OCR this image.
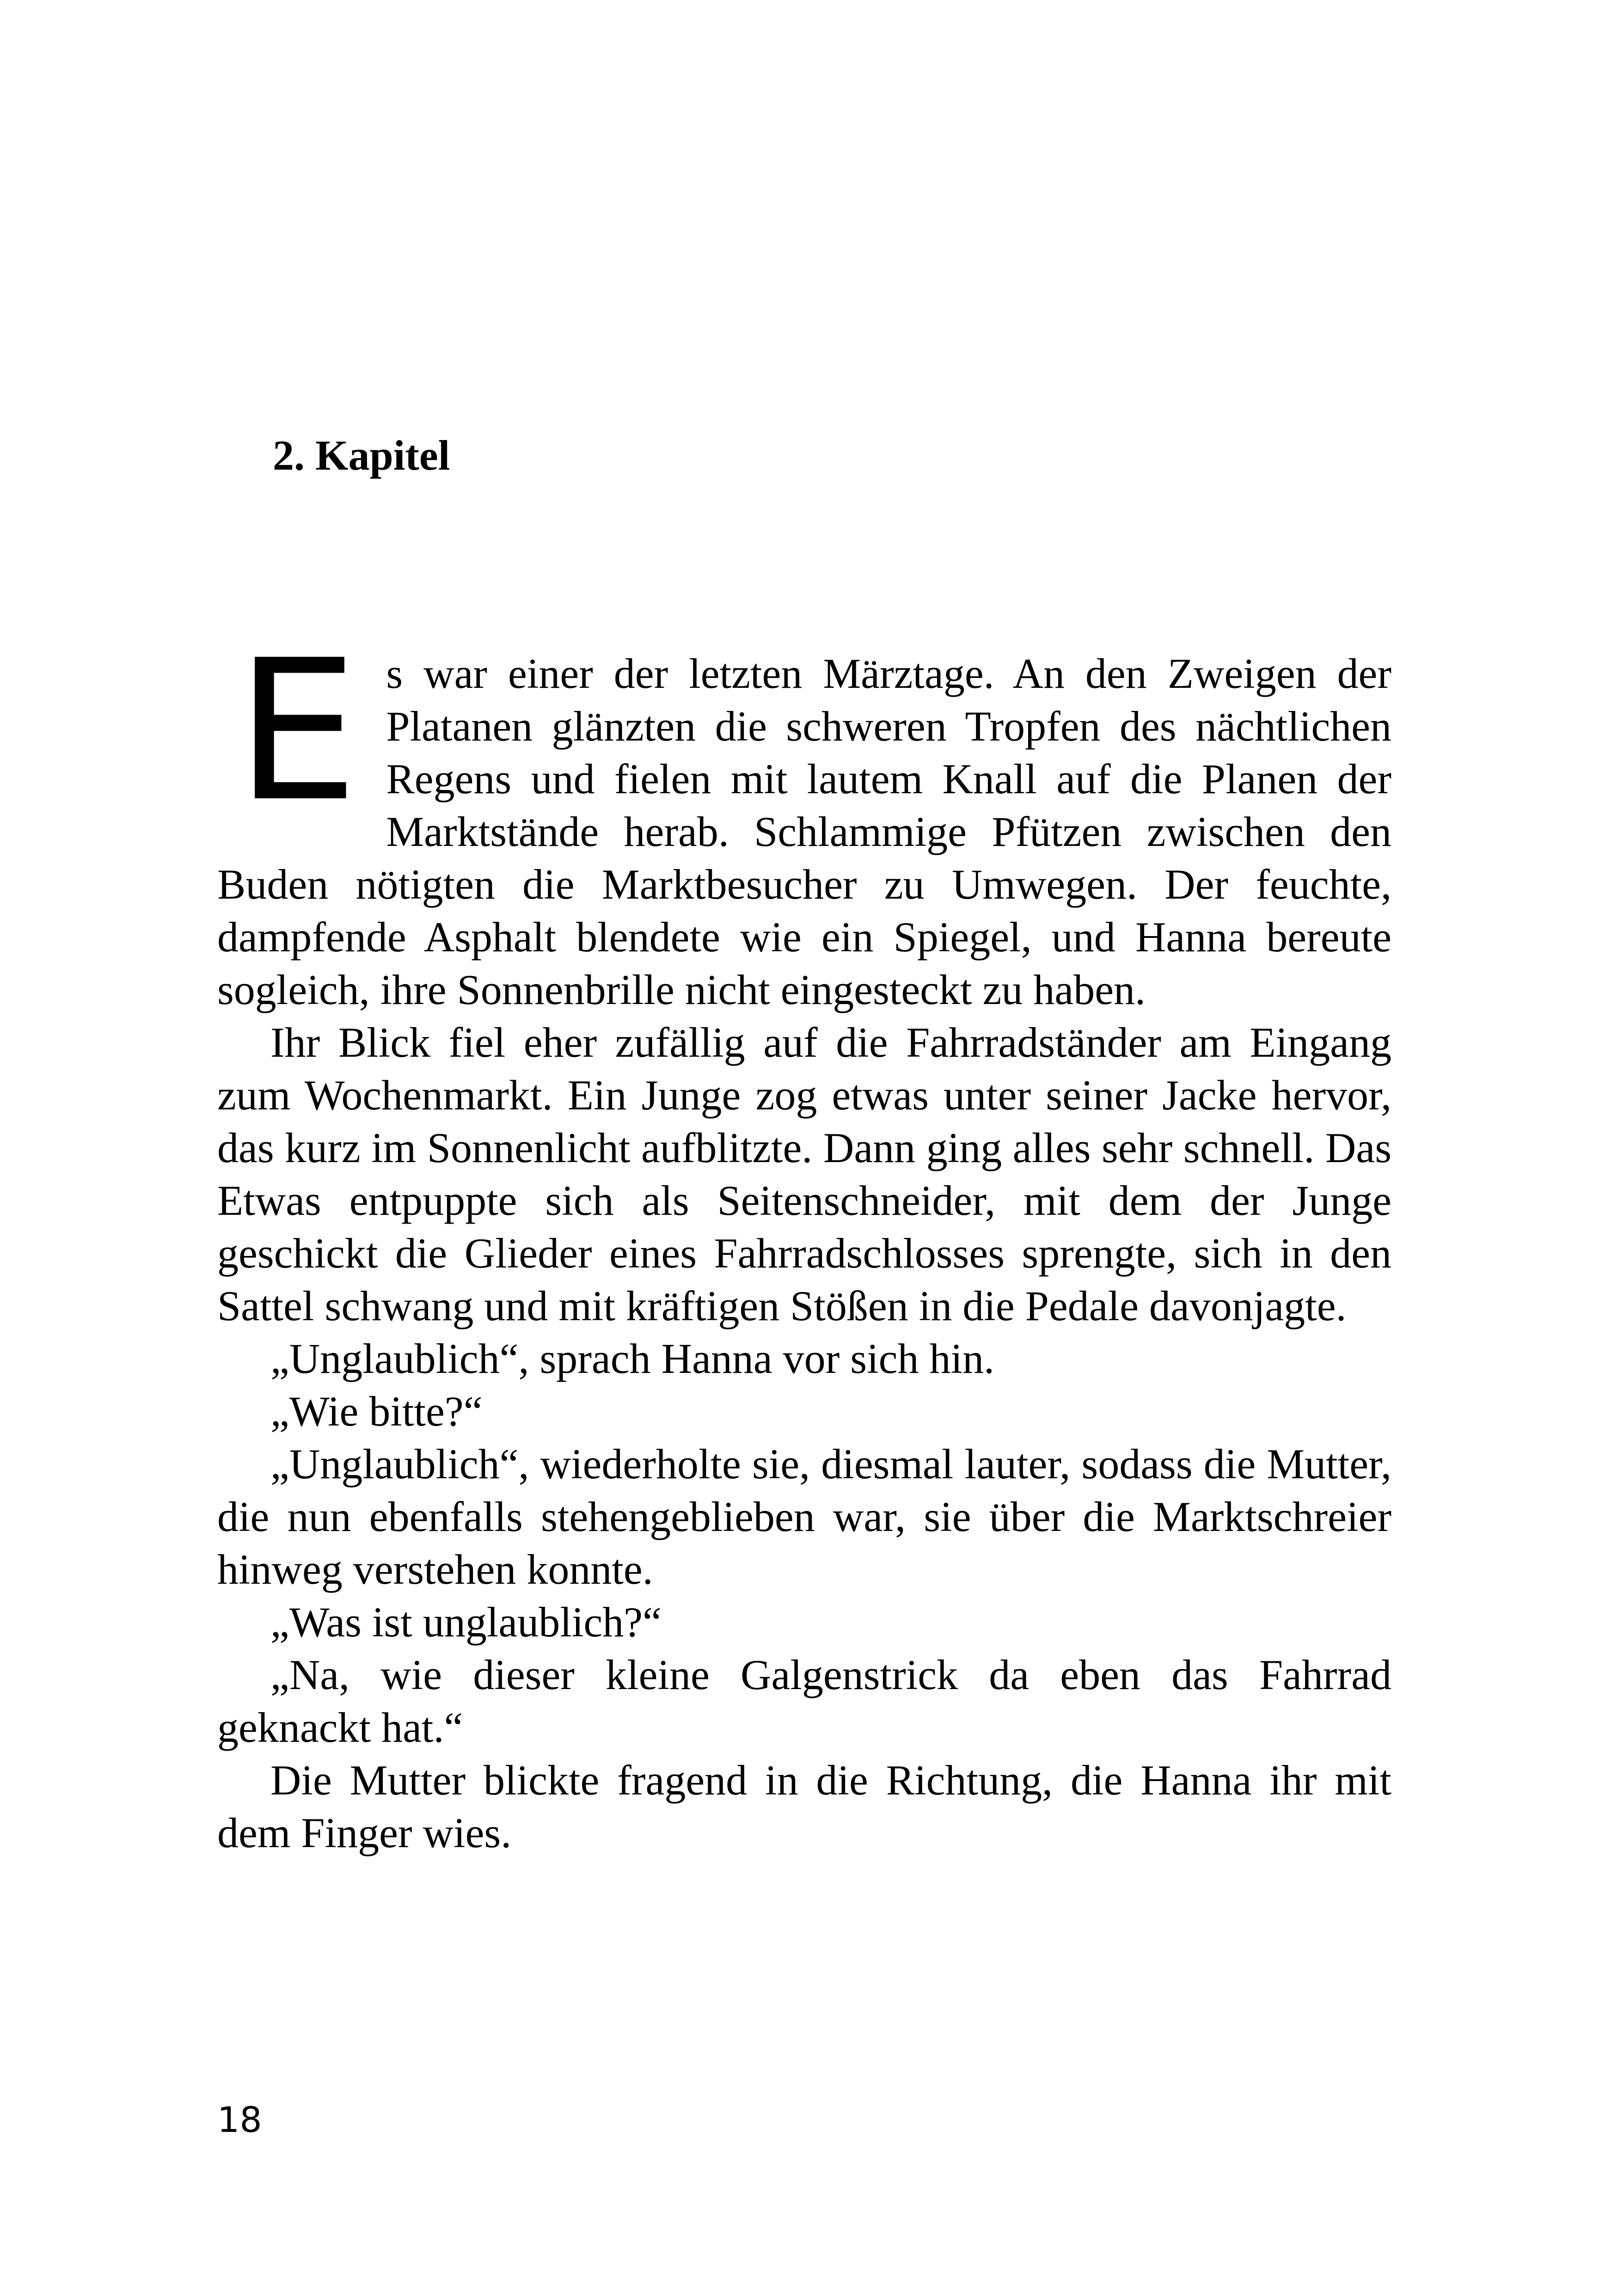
2. Kapitel

Es war einer der letzten Märztage. An den Zweigen der Platanen glänzten die schweren Tropfen des nächtlichen Regens und fielen mit lautem Knall auf die Planen der Marktstände herab. Schlammige Pfützen zwischen den Buden nötigten die Marktbesucher zu Umwegen. Der feuchte, dampfende Asphalt blendete wie ein Spiegel, und Hanna bereute sogleich, ihre Sonnenbrille nicht eingesteckt zu haben.

Ihr Blick fiel eher zufällig auf die Fahrradständer am Eingang zum Wochenmarkt. Ein Junge zog etwas unter seiner Jacke hervor, das kurz im Sonnenlicht aufblitzte. Dann ging alles sehr schnell. Das Etwas entpuppte sich als Seitenschneider, mit dem der Junge geschickt die Glieder eines Fahrradschlosses sprengte, sich in den Sattel schwang und mit kräftigen Stößen in die Pedale davonjagte.

„Unglaublich“, sprach Hanna vor sich hin.

„Wie bitte?“

„Unglaublich“, wiederholte sie, diesmal lauter, sodass die Mutter, die nun ebenfalls stehengeblieben war, sie über die Marktschreier hinweg verstehen konnte.

„Was ist unglaublich?“

„Na, wie dieser kleine Galgenstrick da eben das Fahrrad geknackt hat.“

Die Mutter blickte fragend in die Richtung, die Hanna ihr mit dem Finger wies.

18
